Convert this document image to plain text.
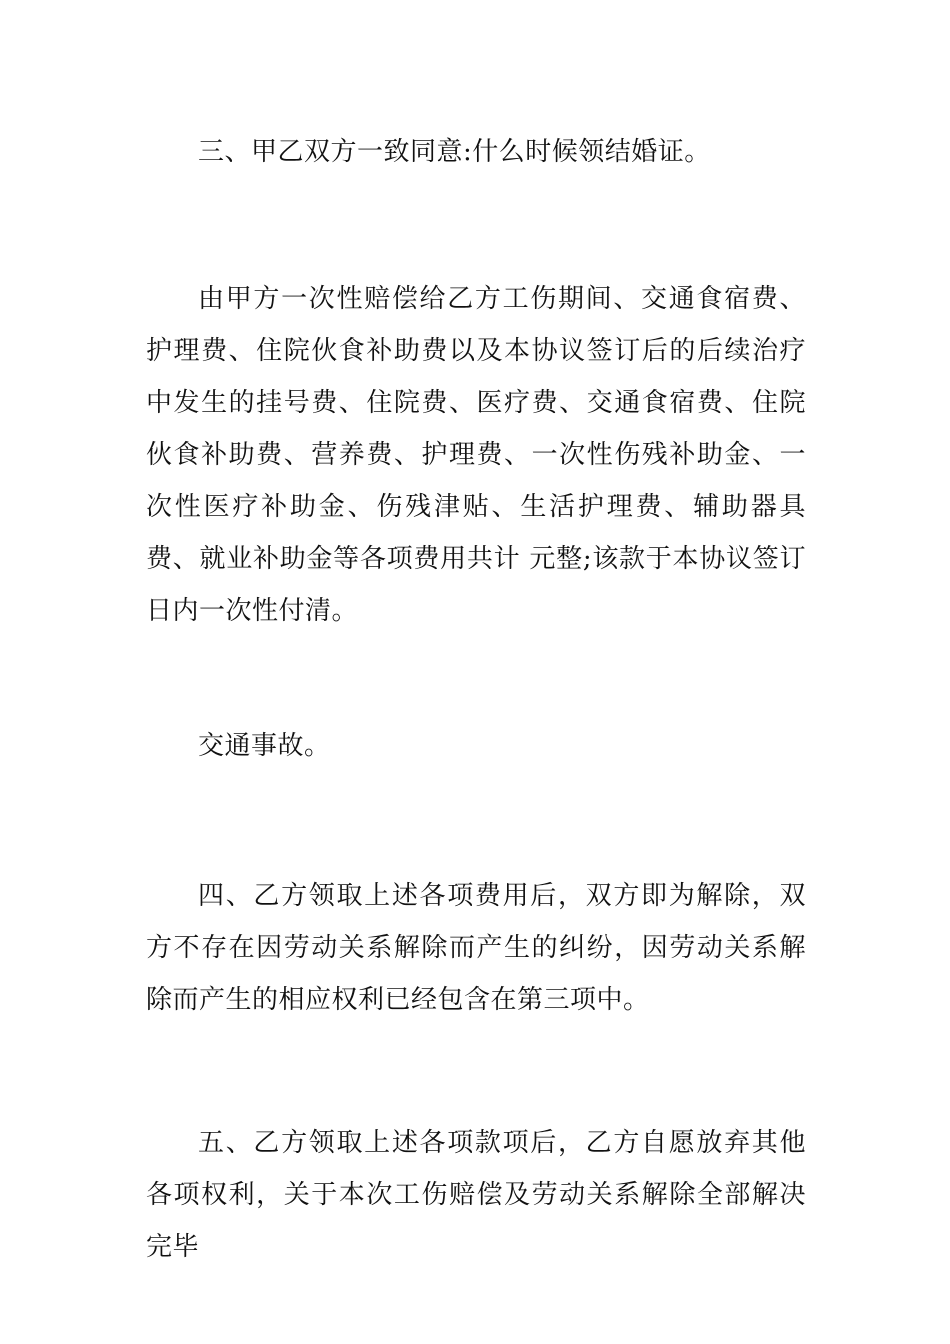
三、甲乙双方一致同意:什么时候领结婚证。

由甲方一次性赔偿给乙方工伤期间、交通食宿费、护理费、住院伙食补助费以及本协议签订后的后续治疗中发生的挂号费、住院费、医疗费、交通食宿费、住院伙食补助费、营养费、护理费、一次性伤残补助金、一次性医疗补助金、伤残津贴、生活护理费、辅助器具费、就业补助金等各项费用共计 元整;该款于本协议签订 日内一次性付清。

交通事故。

四、乙方领取上述各项费用后，双方即为解除，双方不存在因劳动关系解除而产生的纠纷，因劳动关系解除而产生的相应权利已经包含在第三项中。

五、乙方领取上述各项款项后，乙方自愿放弃其他各项权利，关于本次工伤赔偿及劳动关系解除全部解决完毕
